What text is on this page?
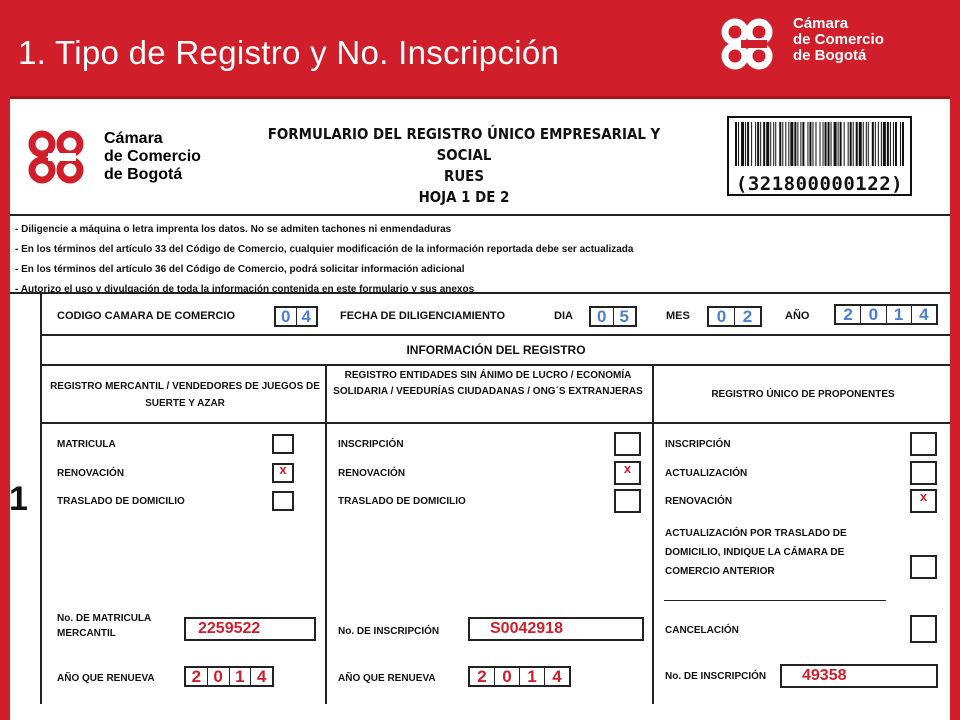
1. Tipo de Registro y No. Inscripción
Cámara
de Comercio
de Bogotá
Cámara
de Comercio
de Bogotá
FORMULARIO DEL REGISTRO ÚNICO EMPRESARIAL Y SOCIAL
RUES
HOJA 1 DE 2
(321800000122)

- Diligencie a máquina o letra imprenta los datos. No se admiten tachones ni enmendaduras

- En los términos del artículo 33 del Código de Comercio, cualquier modificación de la información reportada debe ser actualizada

- En los términos del artículo 36 del Código de Comercio, podrá solicitar información adicional

- Autorizo el uso y divulgación de toda la información contenida en este formulario y sus anexos

1
CODIGO CAMARA DE COMERCIO	0 4	FECHA DE DILIGENCIAMIENTO	DIA	0 5	MES	0 2	AÑO	2 0 1 4
INFORMACIÓN DEL REGISTRO
REGISTRO MERCANTIL / VENDEDORES DE JUEGOS DE SUERTE Y AZAR
REGISTRO ENTIDADES SIN ÁNIMO DE LUCRO / ECONOMÍA SOLIDARIA / VEEDURÍAS CIUDADANAS / ONG´S EXTRANJERAS	REGISTRO ÚNICO DE PROPONENTES
MATRICULA
RENOVACIÓN	x
TRASLADO DE DOMICILIO
No. DE MATRICULA
MERCANTIL	2259522
AÑO QUE RENUEVA	2 0 1 4
INSCRIPCIÓN
RENOVACIÓN	x
TRASLADO DE DOMICILIO
No. DE INSCRIPCIÓN	S0042918
AÑO QUE RENUEVA	2 0 1 4
INSCRIPCIÓN
ACTUALIZACIÓN
RENOVACIÓN	x
ACTUALIZACIÓN POR TRASLADO DE
DOMICILIO, INDIQUE LA CÁMARA DE
COMERCIO ANTERIOR
CANCELACIÓN
No. DE INSCRIPCIÓN	49358
